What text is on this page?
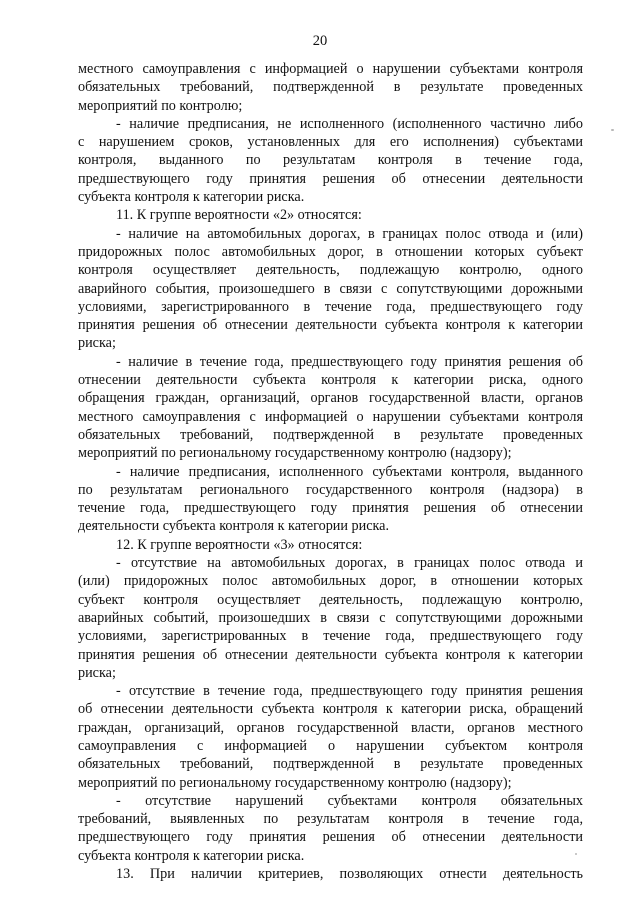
20
местного самоуправления с информацией о нарушении субъектами контроля
обязательных требований, подтвержденной в результате проведенных
мероприятий по контролю;
- наличие предписания, не исполненного (исполненного частично либо
с нарушением сроков, установленных для его исполнения) субъектами
контроля, выданного по результатам контроля в течение года,
предшествующего году принятия решения об отнесении деятельности
субъекта контроля к категории риска.
11. К группе вероятности «2» относятся:
- наличие на автомобильных дорогах, в границах полос отвода и (или)
придорожных полос автомобильных дорог, в отношении которых субъект
контроля осуществляет деятельность, подлежащую контролю, одного
аварийного события, произошедшего в связи с сопутствующими дорожными
условиями, зарегистрированного в течение года, предшествующего году
принятия решения об отнесении деятельности субъекта контроля к категории
риска;
- наличие в течение года, предшествующего году принятия решения об
отнесении деятельности субъекта контроля к категории риска, одного
обращения граждан, организаций, органов государственной власти, органов
местного самоуправления с информацией о нарушении субъектами контроля
обязательных требований, подтвержденной в результате проведенных
мероприятий по региональному государственному контролю (надзору);
- наличие предписания, исполненного субъектами контроля, выданного
по результатам регионального государственного контроля (надзора) в
течение года, предшествующего году принятия решения об отнесении
деятельности субъекта контроля к категории риска.
12. К группе вероятности «3» относятся:
- отсутствие на автомобильных дорогах, в границах полос отвода и
(или) придорожных полос автомобильных дорог, в отношении которых
субъект контроля осуществляет деятельность, подлежащую контролю,
аварийных событий, произошедших в связи с сопутствующими дорожными
условиями, зарегистрированных в течение года, предшествующего году
принятия решения об отнесении деятельности субъекта контроля к категории
риска;
- отсутствие в течение года, предшествующего году принятия решения
об отнесении деятельности субъекта контроля к категории риска, обращений
граждан, организаций, органов государственной власти, органов местного
самоуправления с информацией о нарушении субъектом контроля
обязательных требований, подтвержденной в результате проведенных
мероприятий по региональному государственному контролю (надзору);
- отсутствие нарушений субъектами контроля обязательных
требований, выявленных по результатам контроля в течение года,
предшествующего году принятия решения об отнесении деятельности
субъекта контроля к категории риска.
13. При наличии критериев, позволяющих отнести деятельность
